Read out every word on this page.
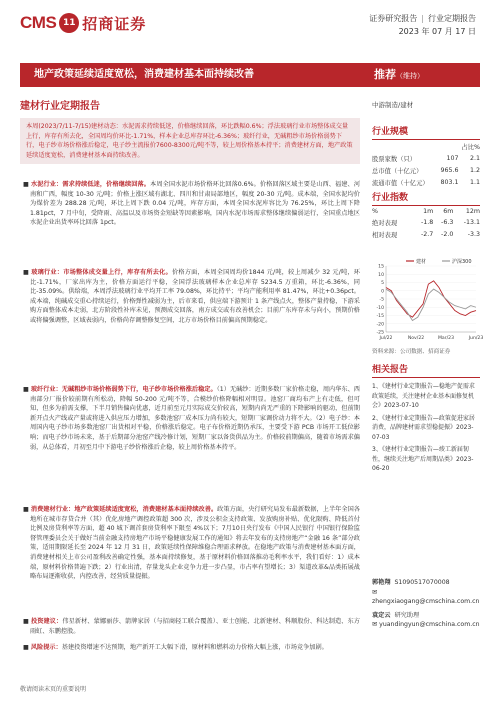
CMS 11 招商证券	证券研究报告 | 行业定期报告
2023 年 07 月 17 日
地产政策延续适度宽松，消费建材基本面持续改善	推荐（维持）
建材行业定期报告
本周(2023/7/11-7/15)建材动态：水泥需求持续低迷，价格继续回落，环比跌幅0.6%；浮法玻璃行业市场整体成交量上行，库存有所去化，全国周均价环比-1.71%，样本企业总库存环比-6.36%；玻纤行业，无碱粗纱市场价格弱势下行，电子纱市场价格涨后稳定，电子纱主流报价7600-8300元/吨不等，较上周价格基本持平；消费建材方面，地产政策延续适度宽松，消费建材基本面持续改善。

■ 水泥行业：需求持续低迷，价格继续回落。本周全国水泥市场价格环比回落0.6%。价格回落区域主要是山西、福建、河南和广西，幅度 10-30 元/吨；价格上涨区域有湖北、四川和甘肃局部地区，幅度 20-30 元/吨。成本端，全国水泥均价为煤价差为 288.28 元/吨，环比上周下跌 0.04 元/吨，库存方面，本周全国水泥库容比为 76.25%，环比上周下降 1.81pct，7 月中旬，受降雨、高温以及市场资金短缺等因素影响，国内水泥市场需求整体继续偏弱运行，全国重点地区水泥企业出货率环比回落 1pct。

■ 玻璃行业：市场整体成交量上行，库存有所去化。价格方面，本周全国周均价1844 元/吨，较上周减少 32 元/吨，环比-1.71%，厂家出库为主，价格方面运行平稳，全国浮法玻璃样本企业总库存 5234.5 万重箱，环比-6.36%，同比-35.09%。供给端，本周浮法玻璃行业平均开工率 79.08%，环比持平；平均产能利用率 81.47%，环比+0.36pct。成本端，纯碱成交重心持续运行，价格弹性减弱为主，后市来看，供应端下游预计 1 条产线点火，整体产量持稳，下游采购方面整体成本走弱，北方阶段性补库未见，预测成交回落，南方成交或有改善机会；目前广东库存未与向小，预期价格或将偏强调整，区域表弱内，价格尚存调整修复空间，北方市场价格目前偏高预期稳定。

■ 玻纤行业：无碱粗纱市场价格弱势下行，电子纱市场价格涨后稳定。（1）无碱纱：近期多数厂家价格走稳，周内华东、西南部分厂报价较前期有所松动，降幅 50-200 元/吨不等，合模纱价格降幅相对明显。池窑厂商均布产上有走低，但可知，但多为前需支撑，下半月销售偏向优惠，近月前至元月实际成交价较高，短期内尚无严重的下降影响的驱动，但前期新开点火产线或产量或将进入供应压力增加，多数池窑厂成本压力尚有较大，短期厂家调价动力将不大。（2）电子纱：本周国内电子纱市场多数池窑厂出货相对平稳，价格涨后稳定。电子布价格近期仍承压，主要受下游 PCB 市场开工低位影响；而电子纱市场未来，基于后期部分池窑产线冷修计划，短期厂家以备货供品为主。价格较前期偏高，随着市场需求偏弱，从总体看，月初至月中下游电子纱价格涨后企稳，较上周价格基本持平。

■ 消费建材行业：地产政策延续适度宽松，消费建材基本面持续改善。政策方面，央行研究局发布最新数据，上半年全国各地所在城市存贷合并（其）优化房地产调控政策超 300 次，涉及公积金支持政策、发放购房补贴、优化限购、降低首付比例及房贷利率等方面，超 40 城下调首套房贷利率下限至 4%以下；7月10日央行发布《中国人民银行 中国银行保险监督管理委员会关于做好当前金融支持房地产市场平稳健康发展工作的通知》将去年发布的支持房地产“金融 16 条”部分政策，适用期限延长至 2024 年 12 月 31 日，政策延续性保障维稳合理需求释放。在稳地产政策与消费建材基本面方面，消费建材相关上市公司盈利改善确定性强，基本面持续修复，基于原材料价格回落推动毛利率水平，我们看好：1）成本端，原材料价格普遍下跌；2）行业出清，存量龙头企业竞争力进一步凸显，市占率有望增长；3）渠道改革&品类拓展战略布局逐渐收获，内控改善，经营质量提振。

■ 投资建议：伟星新材、蒙娜丽莎、箭牌家居（与招商轻工联合覆盖）、亚士创能、北新建材、科顺股份、科达制造、东方雨虹、东鹏控股。

■ 风险提示：基建投资增速不达预期，地产新开工大幅下滑，原材料和燃料动力价格大幅上涨，市场竞争加剧。

中游制造/建材
行业规模
		占比%
股票家数（只）	107	2.1
总市值（十亿元）	965.6	1.2
流通市值（十亿元）	803.1	1.1
行业指数
%	1m	6m	12m
绝对表现	-1.8	-6.3	-13.1
相对表现	-2.7	-2.0	-3.3
建材	沪深300
15
10
5
0
-5
-10
-15
-20
-25
Jul/22	Nov/22	Mar/23	Jun/23
资料来源：公司数据、招商证券
相关报告

1、《建材行业定期报告—稳地产促需求政策延续，关注建材企业基本面修复机会》2023-07-10

2、《建材行业定期报告—政策促进家居消费，品牌建材需求望稳提振》2023-07-03

3、《建材行业定期报告—竣工新届韧性，继续关注地产后周期品类》2023-06-20

郭艳翔 S1090517070008
✉ zhengxiaogang@cmschina.com.cn
袁定云 研究助理
✉ yuandingyun@cmschina.com.cn
敬请阅读末页的重要说明
